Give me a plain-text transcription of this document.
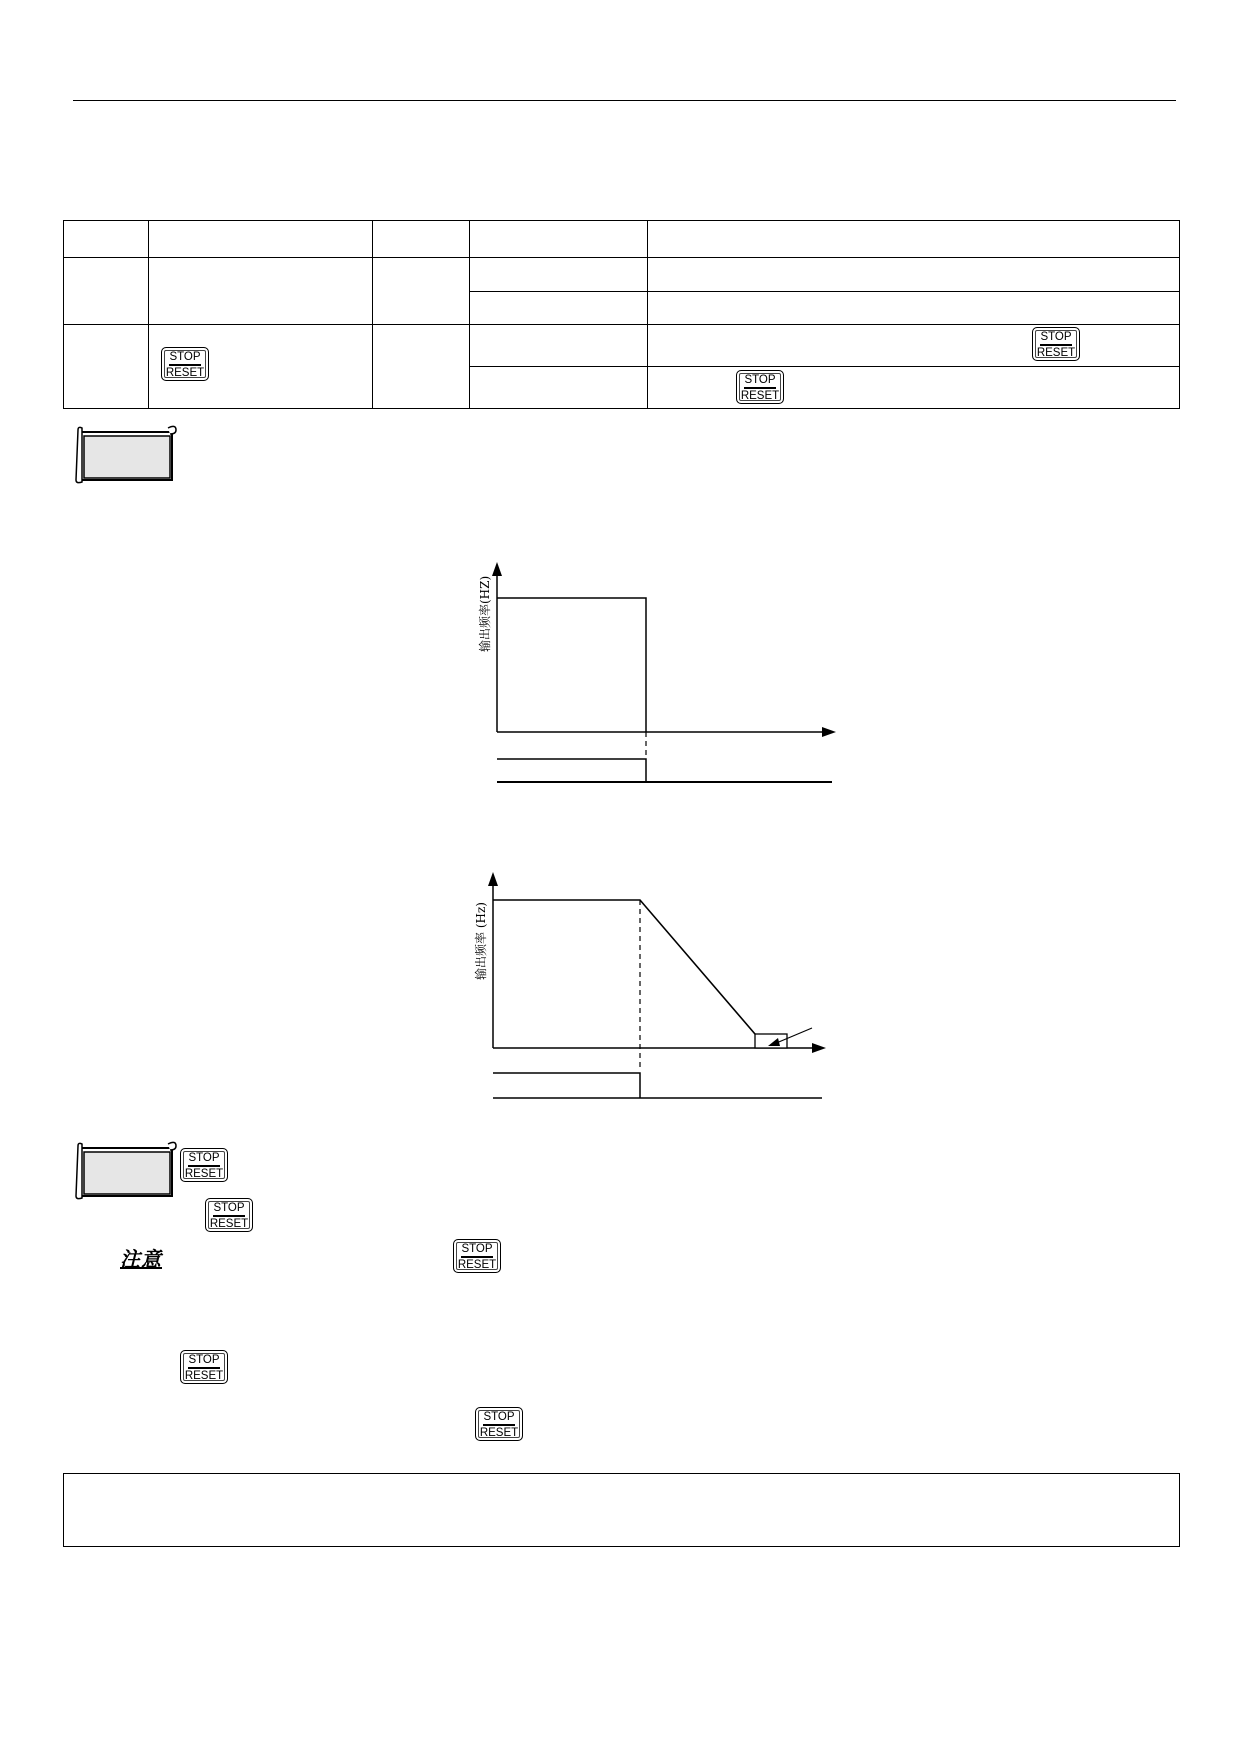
	STOP
RESET			STOP
RESET

				STOP
RESET
输出频率(HZ)
输出频率 (Hz)
STOP
RESET
STOP
RESET
注意	STOP
RESET
STOP
RESET
STOP
RESET
